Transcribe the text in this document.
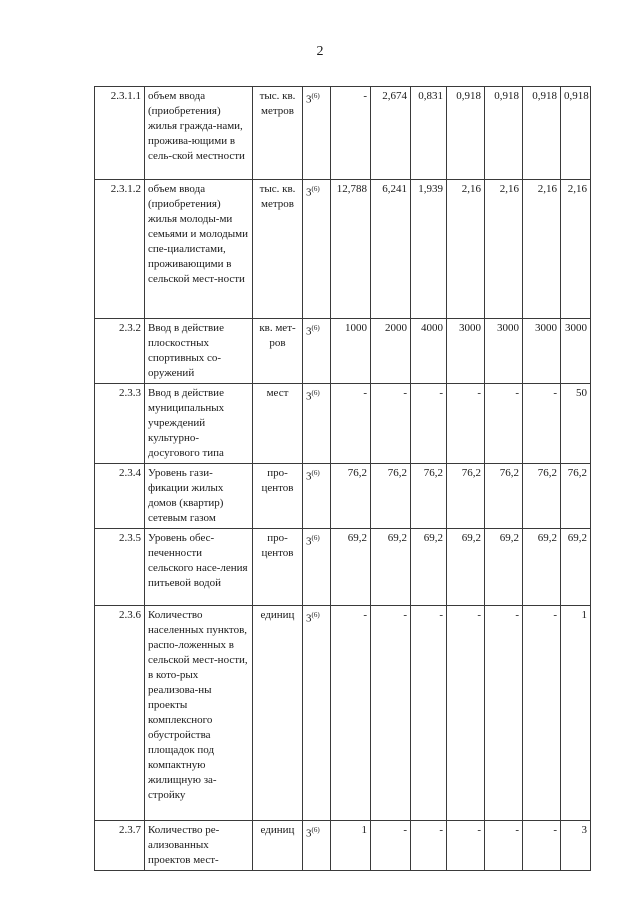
2
2.3.1.1	объем ввода (приобретения) жилья гражда-нами, прожива-ющими в сель-ской местности	тыс. кв. метров	3$^{(6)}$	-	2,674	0,831	0,918	0,918	0,918	0,918
2.3.1.2	объем ввода (приобретения) жилья молоды-ми семьями и молодыми спе-циалистами, проживающими в сельской мест-ности	тыс. кв. метров	3$^{(6)}$	12,788	6,241	1,939	2,16	2,16	2,16	2,16
2.3.2	Ввод в действие плоскостных спортивных со-оружений	кв. мет-ров	3$^{(6)}$	1000	2000	4000	3000	3000	3000	3000
2.3.3	Ввод в действие муниципальных учреждений культурно-досугового типа	мест	3$^{(6)}$	-	-	-	-	-	-	50
2.3.4	Уровень гази-фикации жилых домов (квартир) сетевым газом	про-центов	3$^{(6)}$	76,2	76,2	76,2	76,2	76,2	76,2	76,2
2.3.5	Уровень обес-печенности сельского насе-ления питьевой водой	про-центов	3$^{(6)}$	69,2	69,2	69,2	69,2	69,2	69,2	69,2
2.3.6	Количество населенных пунктов, распо-ложенных в сельской мест-ности, в кото-рых реализова-ны проекты комплексного обустройства площадок под компактную жилищную за-стройку	единиц	3$^{(6)}$	-	-	-	-	-	-	1
2.3.7	Количество ре-ализованных проектов мест-	единиц	3$^{(6)}$	1	-	-	-	-	-	3
